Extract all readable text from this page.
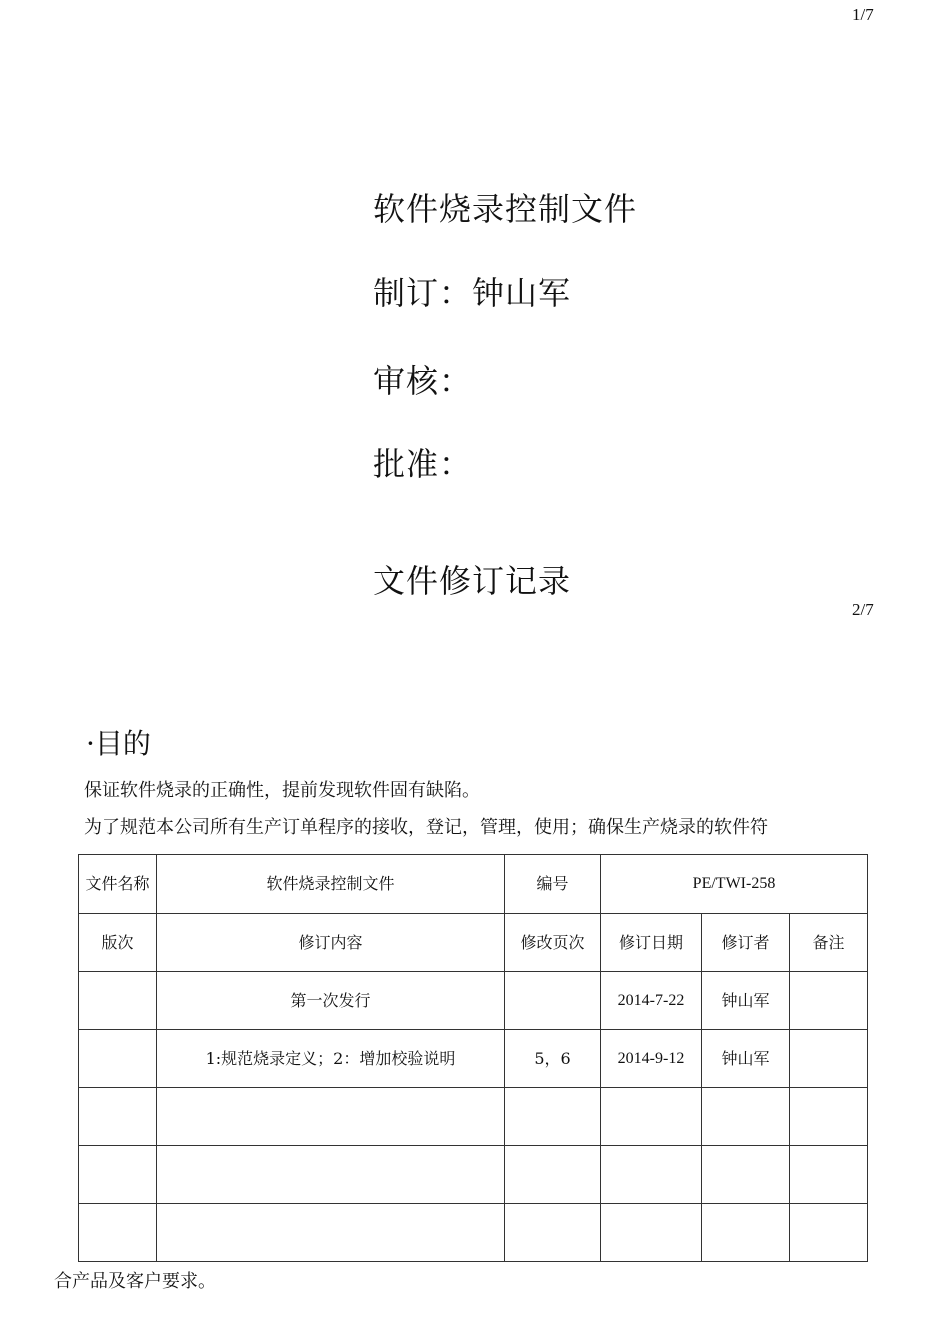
1/7
软件烧录控制文件
制订：钟山军
审核：
批准：
文件修订记录
2/7
·目的
保证软件烧录的正确性，提前发现软件固有缺陷。
为了规范本公司所有生产订单程序的接收，登记，管理，使用；确保生产烧录的软件符
文件名称	软件烧录控制文件	编号	PE/TWI-258		
版次	修订内容	修改页次	修订日期	修订者	备注
	第一次发行		2014-7-22	钟山军	
	1:规范烧录定义；2：增加校验说明	5，6	2014-9-12	钟山军	

合产品及客户要求。
